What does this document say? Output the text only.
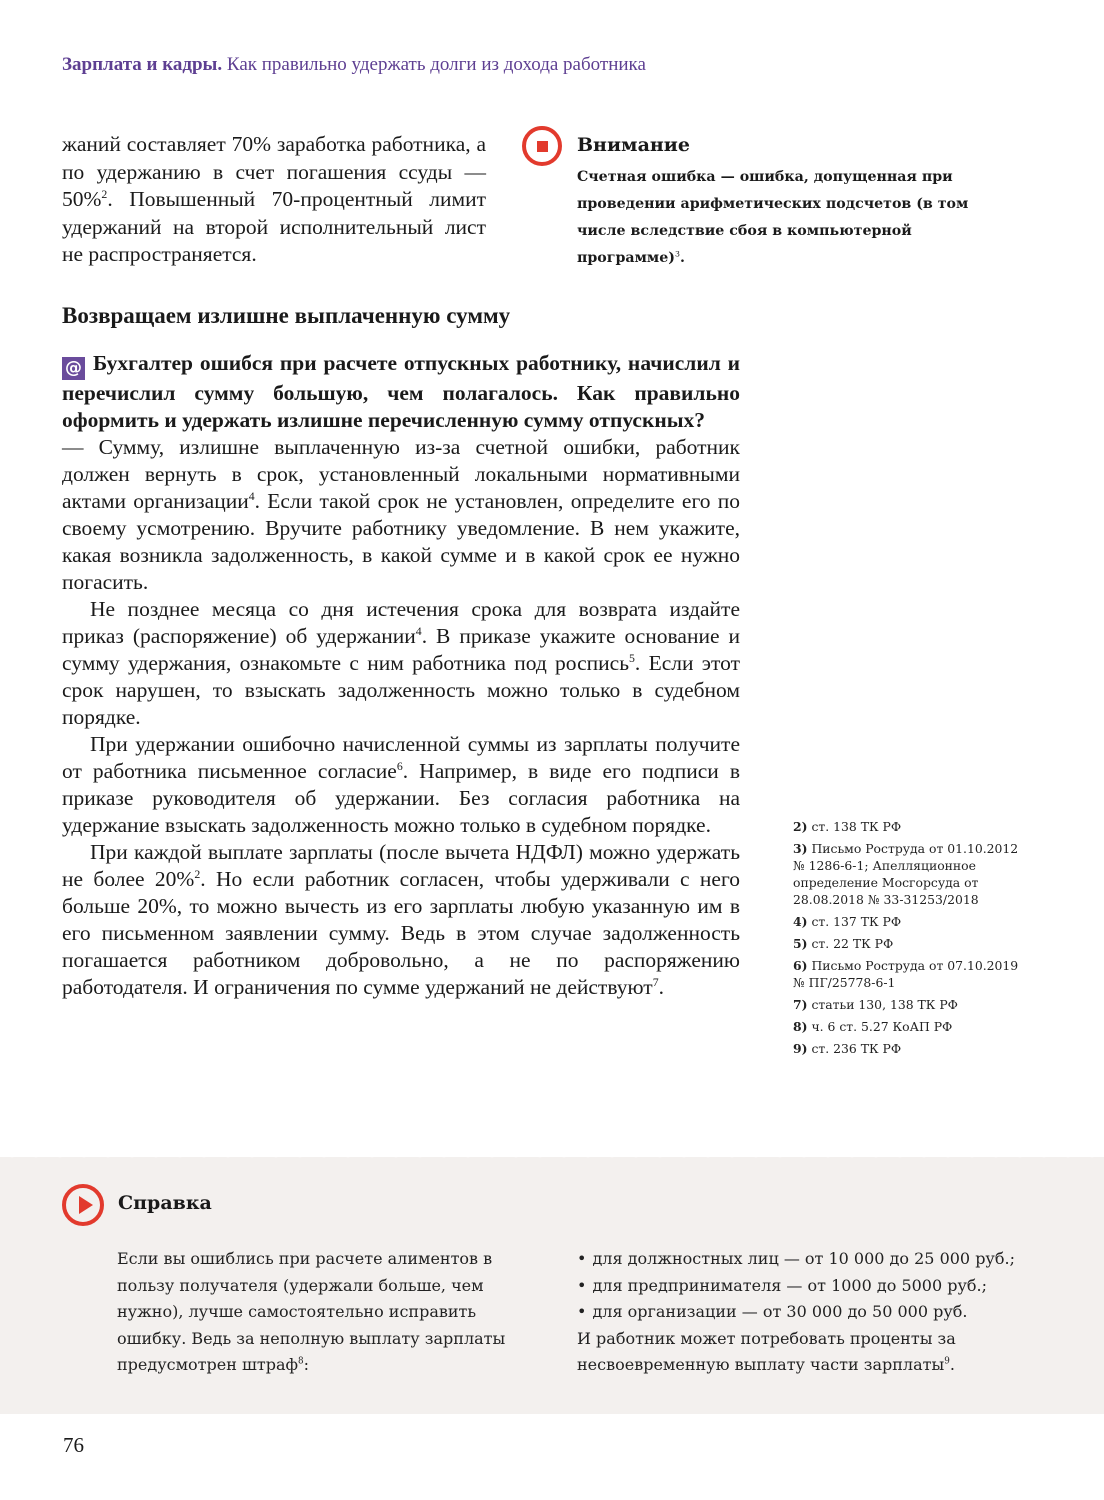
Зарплата и кадры. Как правильно удержать долги из дохода работника

жаний составляет 70% заработка работника, а по удержанию в счет погашения ссуды — 50%$^2$. Повышенный 70-процентный лимит удержаний на второй исполнительный лист не распространяется.

Внимание
Счетная ошибка — ошибка, допущенная при проведении арифметических подсчетов (в том числе вследствие сбоя в компьютерной программе)$^3$.
Возвращаем излишне выплаченную сумму

@ Бухгалтер ошибся при расчете отпускных работнику, начислил и перечислил сумму большую, чем полагалось. Как правильно оформить и удержать излишне перечисленную сумму отпускных?

— Сумму, излишне выплаченную из-за счетной ошибки, работник должен вернуть в срок, установленный локальными нормативными актами организации$^4$. Если такой срок не установлен, определите его по своему усмотрению. Вручите работнику уведомление. В нем укажите, какая возникла задолженность, в какой сумме и в какой срок ее нужно погасить.

Не позднее месяца со дня истечения срока для возврата издайте приказ (распоряжение) об удержании$^4$. В приказе укажите основание и сумму удержания, ознакомьте с ним работника под роспись$^5$. Если этот срок нарушен, то взыскать задолженность можно только в судебном порядке.

При удержании ошибочно начисленной суммы из зарплаты получите от работника письменное согласие$^6$. Например, в виде его подписи в приказе руководителя об удержании. Без согласия работника на удержание взыскать задолженность можно только в судебном порядке.

При каждой выплате зарплаты (после вычета НДФЛ) можно удержать не более 20%$^2$. Но если работник согласен, чтобы удерживали с него больше 20%, то можно вычесть из его зарплаты любую указанную им в его письменном заявлении сумму. Ведь в этом случае задолженность погашается работником добровольно, а не по распоряжению работодателя. И ограничения по сумме удержаний не действуют$^7$.

2) ст. 138 ТК РФ
3) Письмо Роструда от 01.10.2012 № 1286-6-1; Апелляционное определение Мосгорсуда от 28.08.2018 № 33-31253/2018
4) ст. 137 ТК РФ
5) ст. 22 ТК РФ
6) Письмо Роструда от 07.10.2019 № ПГ/25778-6-1
7) статьи 130, 138 ТК РФ
8) ч. 6 ст. 5.27 КоАП РФ
9) ст. 236 ТК РФ
Справка
Если вы ошиблись при расчете алиментов в пользу получателя (удержали больше, чем нужно), лучше самостоятельно исправить ошибку. Ведь за неполную выплату зарплаты предусмотрен штраф$^8$:
• для должностных лиц — от 10 000 до 25 000 руб.;
• для предпринимателя — от 1000 до 5000 руб.;
• для организации — от 30 000 до 50 000 руб.
И работник может потребовать проценты за несвоевременную выплату части зарплаты$^9$.
76
